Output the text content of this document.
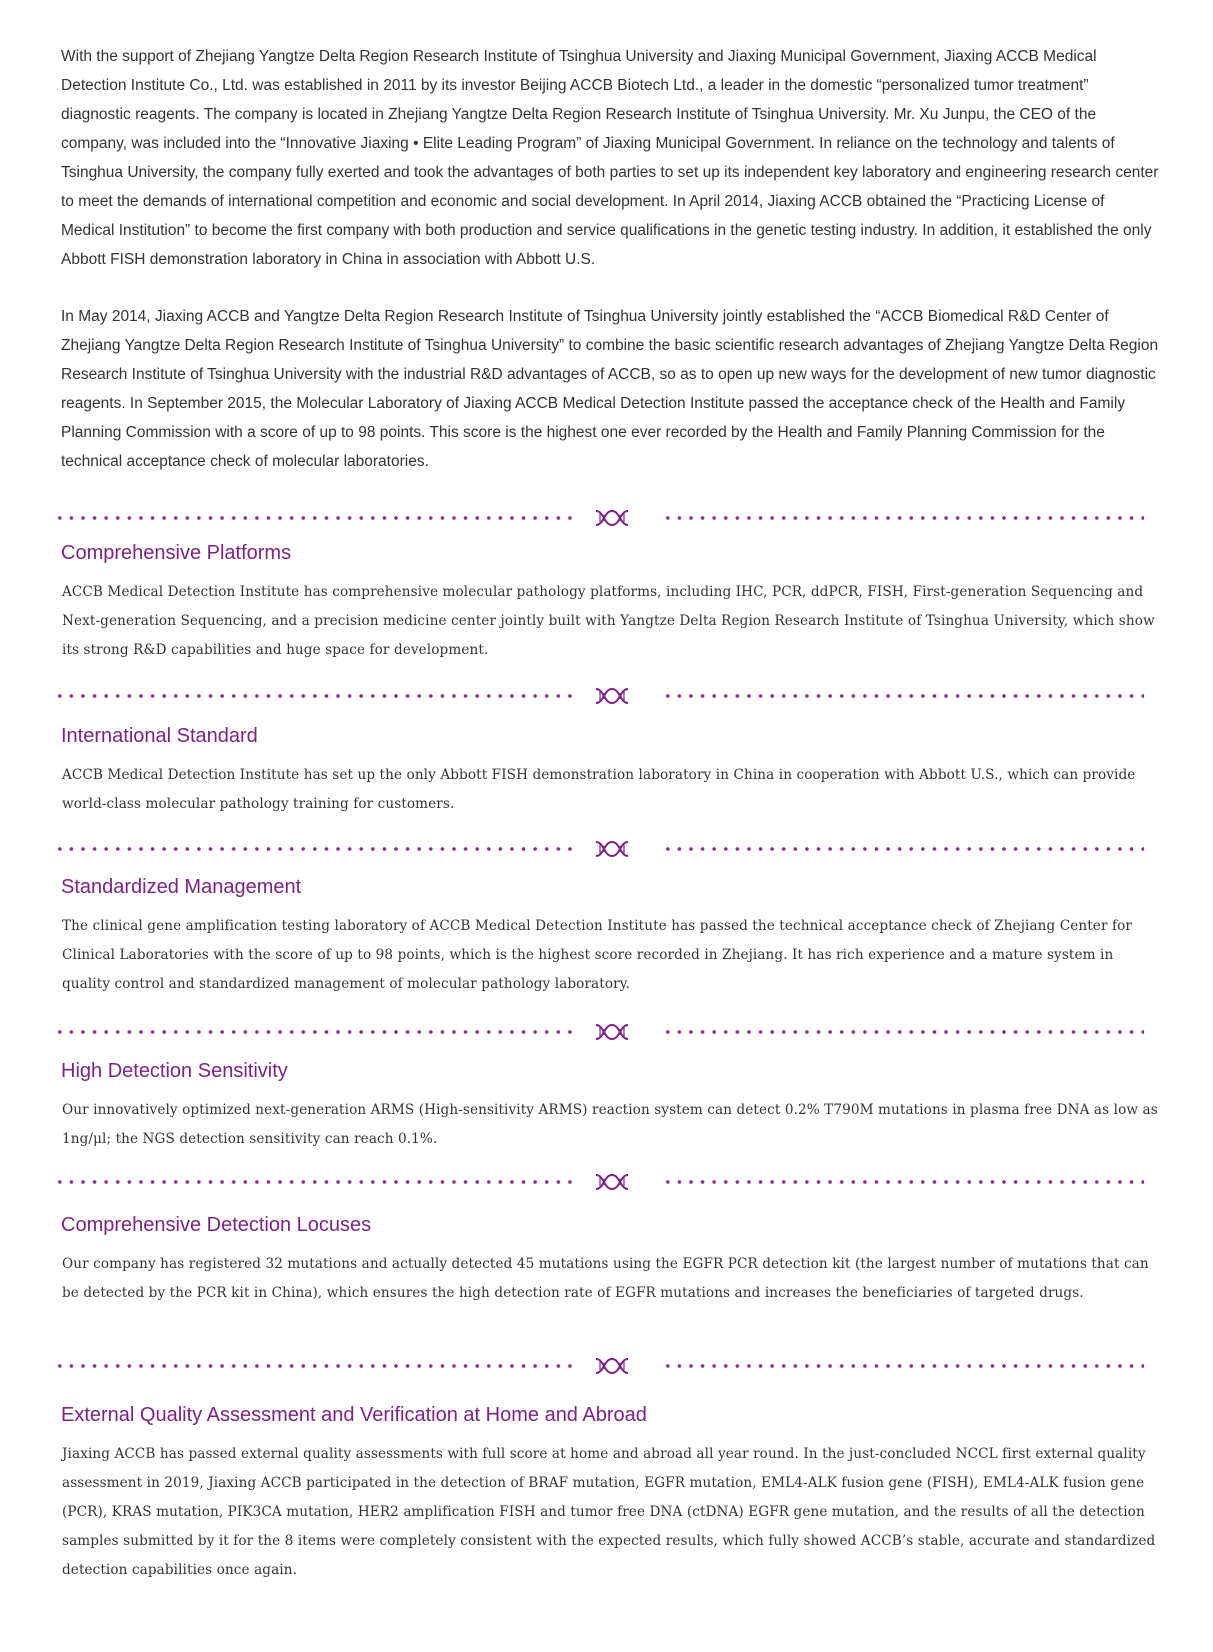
With the support of Zhejiang Yangtze Delta Region Research Institute of Tsinghua University and Jiaxing Municipal Government, Jiaxing ACCB Medical Detection Institute Co., Ltd. was established in 2011 by its investor Beijing ACCB Biotech Ltd., a leader in the domestic “personalized tumor treatment” diagnostic reagents. The company is located in Zhejiang Yangtze Delta Region Research Institute of Tsinghua University. Mr. Xu Junpu, the CEO of the company, was included into the “Innovative Jiaxing • Elite Leading Program” of Jiaxing Municipal Government. In reliance on the technology and talents of Tsinghua University, the company fully exerted and took the advantages of both parties to set up its independent key laboratory and engineering research center to meet the demands of international competition and economic and social development. In April 2014, Jiaxing ACCB obtained the “Practicing License of Medical Institution” to become the first company with both production and service qualifications in the genetic testing industry. In addition, it established the only Abbott FISH demonstration laboratory in China in association with Abbott U.S.

In May 2014, Jiaxing ACCB and Yangtze Delta Region Research Institute of Tsinghua University jointly established the “ACCB Biomedical R&D Center of Zhejiang Yangtze Delta Region Research Institute of Tsinghua University” to combine the basic scientific research advantages of Zhejiang Yangtze Delta Region Research Institute of Tsinghua University with the industrial R&D advantages of ACCB, so as to open up new ways for the development of new tumor diagnostic reagents. In September 2015, the Molecular Laboratory of Jiaxing ACCB Medical Detection Institute passed the acceptance check of the Health and Family Planning Commission with a score of up to 98 points. This score is the highest one ever recorded by the Health and Family Planning Commission for the technical acceptance check of molecular laboratories.

Comprehensive Platforms

ACCB Medical Detection Institute has comprehensive molecular pathology platforms, including IHC, PCR, ddPCR, FISH, First-generation Sequencing and Next-generation Sequencing, and a precision medicine center jointly built with Yangtze Delta Region Research Institute of Tsinghua University, which show its strong R&D capabilities and huge space for development.

International Standard

ACCB Medical Detection Institute has set up the only Abbott FISH demonstration laboratory in China in cooperation with Abbott U.S., which can provide world-class molecular pathology training for customers.

Standardized Management

The clinical gene amplification testing laboratory of ACCB Medical Detection Institute has passed the technical acceptance check of Zhejiang Center for Clinical Laboratories with the score of up to 98 points, which is the highest score recorded in Zhejiang. It has rich experience and a mature system in quality control and standardized management of molecular pathology laboratory.

High Detection Sensitivity

Our innovatively optimized next-generation ARMS (High-sensitivity ARMS) reaction system can detect 0.2% T790M mutations in plasma free DNA as low as 1ng/μl; the NGS detection sensitivity can reach 0.1%.

Comprehensive Detection Locuses

Our company has registered 32 mutations and actually detected 45 mutations using the EGFR PCR detection kit (the largest number of mutations that can be detected by the PCR kit in China), which ensures the high detection rate of EGFR mutations and increases the beneficiaries of targeted drugs.

External Quality Assessment and Verification at Home and Abroad

Jiaxing ACCB has passed external quality assessments with full score at home and abroad all year round. In the just-concluded NCCL first external quality assessment in 2019, Jiaxing ACCB participated in the detection of BRAF mutation, EGFR mutation, EML4-ALK fusion gene (FISH), EML4-ALK fusion gene (PCR), KRAS mutation, PIK3CA mutation, HER2 amplification FISH and tumor free DNA (ctDNA) EGFR gene mutation, and the results of all the detection samples submitted by it for the 8 items were completely consistent with the expected results, which fully showed ACCB’s stable, accurate and standardized detection capabilities once again.
